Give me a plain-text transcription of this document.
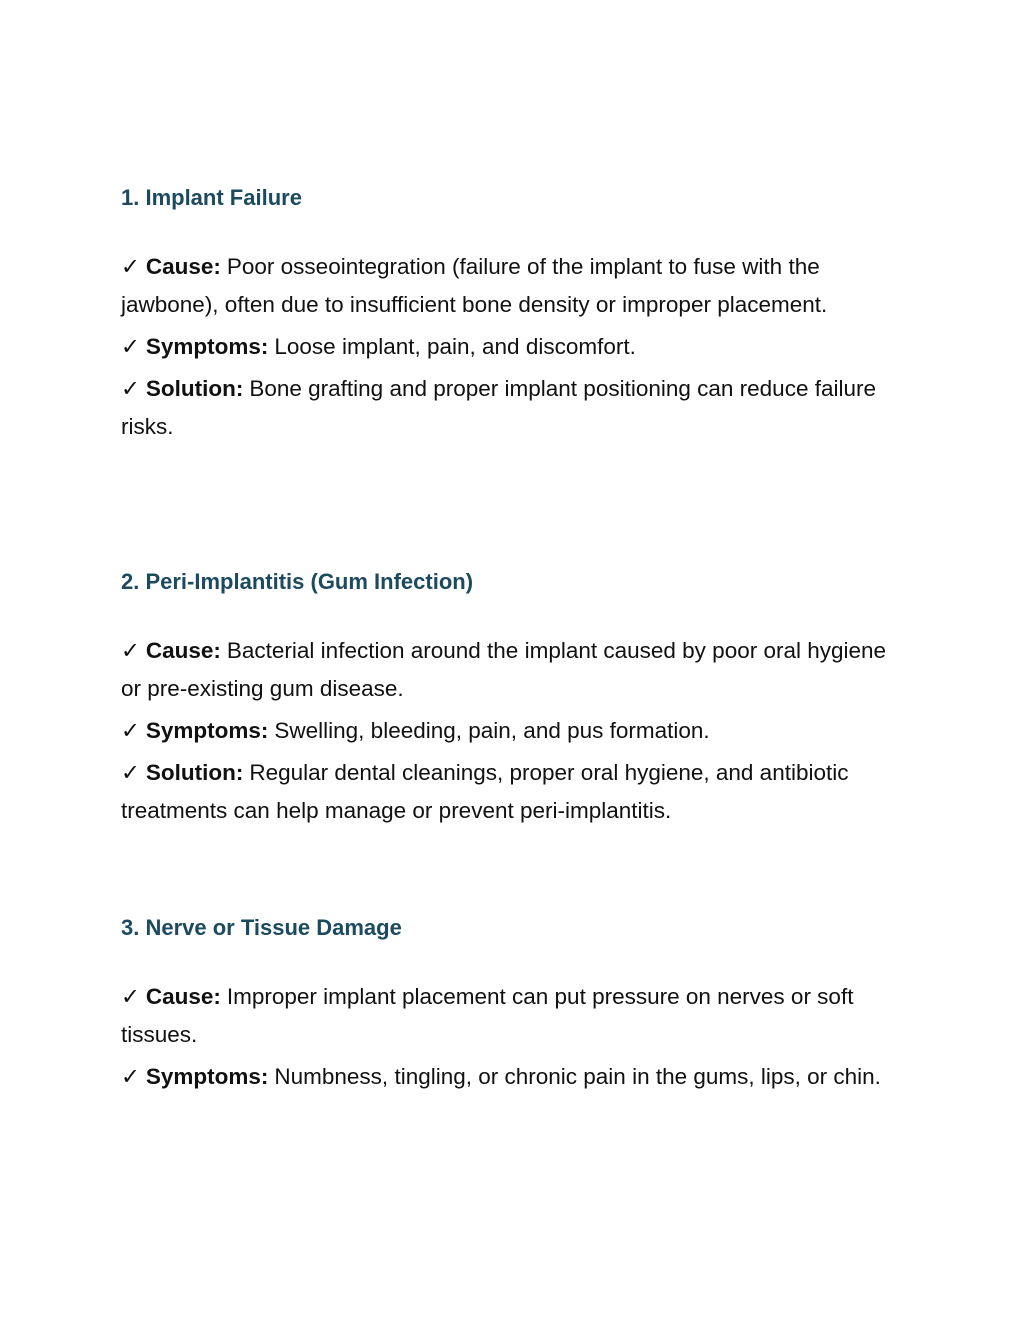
1. Implant Failure

✓ Cause: Poor osseointegration (failure of the implant to fuse with the jawbone), often due to insufficient bone density or improper placement.

✓ Symptoms: Loose implant, pain, and discomfort.

✓ Solution: Bone grafting and proper implant positioning can reduce failure risks.

2. Peri-Implantitis (Gum Infection)

✓ Cause: Bacterial infection around the implant caused by poor oral hygiene or pre-existing gum disease.

✓ Symptoms: Swelling, bleeding, pain, and pus formation.

✓ Solution: Regular dental cleanings, proper oral hygiene, and antibiotic treatments can help manage or prevent peri-implantitis.

3. Nerve or Tissue Damage

✓ Cause: Improper implant placement can put pressure on nerves or soft tissues.

✓ Symptoms: Numbness, tingling, or chronic pain in the gums, lips, or chin.
